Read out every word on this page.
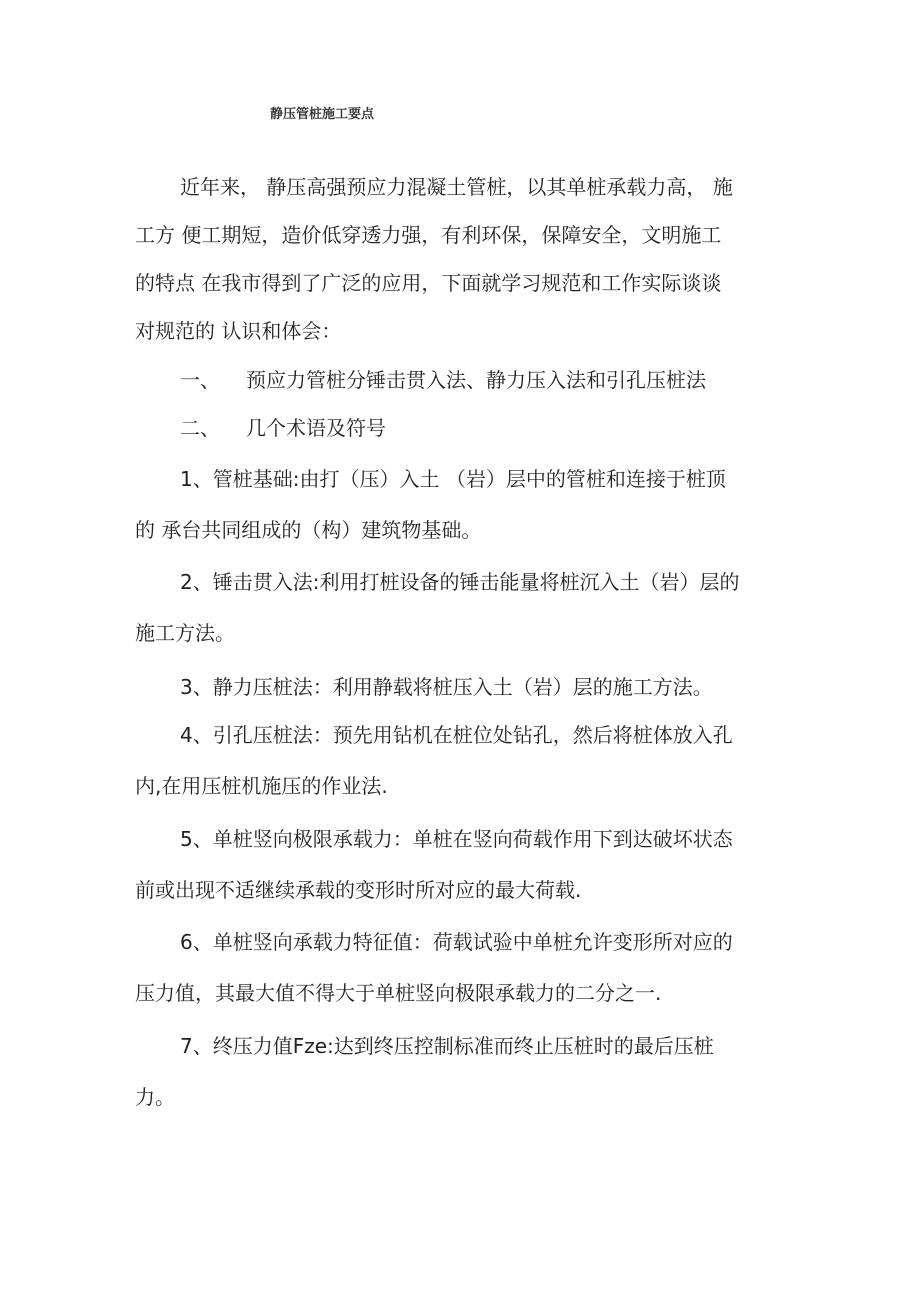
静压管桩施工要点
近年来， 静压高强预应力混凝土管桩，以其单桩承载力高， 施
工方 便工期短，造价低穿透力强，有利环保，保障安全，文明施工
的特点 在我市得到了广泛的应用，下面就学习规范和工作实际谈谈
对规范的 认识和体会：
一、 预应力管桩分锤击贯入法、静力压入法和引孔压桩法
二、 几个术语及符号
1、管桩基础:由打（压）入土 （岩）层中的管桩和连接于桩顶
的 承台共同组成的（构）建筑物基础。
2、锤击贯入法:利用打桩设备的锤击能量将桩沉入土（岩）层的
施工方法。
3、静力压桩法：利用静载将桩压入土（岩）层的施工方法。
4、引孔压桩法：预先用钻机在桩位处钻孔，然后将桩体放入孔
内,在用压桩机施压的作业法.
5、单桩竖向极限承载力：单桩在竖向荷载作用下到达破坏状态
前或出现不适继续承载的变形时所对应的最大荷载.
6、单桩竖向承载力特征值：荷载试验中单桩允许变形所对应的
压力值，其最大值不得大于单桩竖向极限承载力的二分之一.
7、终压力值Fze:达到终压控制标准而终止压桩时的最后压桩
力。
